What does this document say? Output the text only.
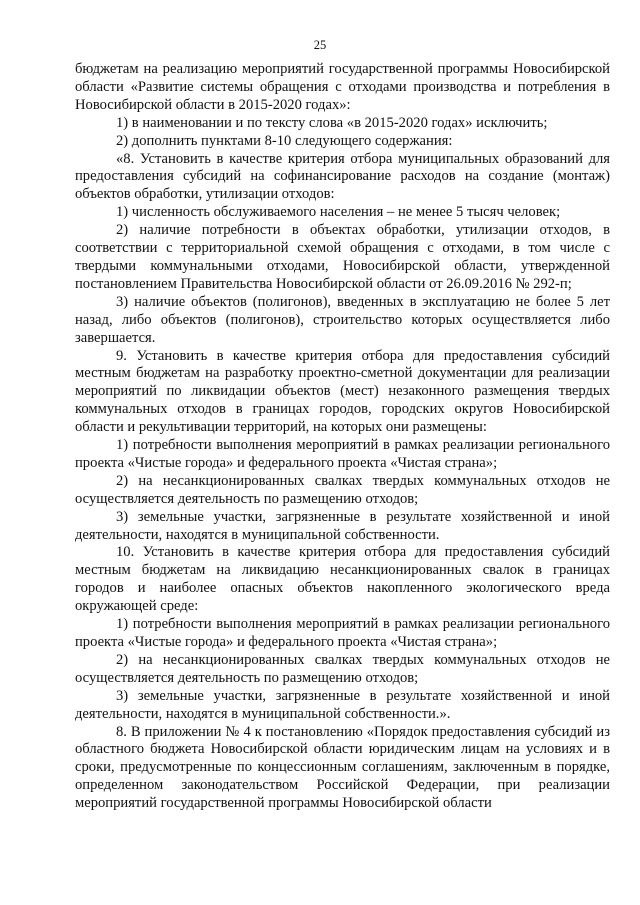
25

бюджетам на реализацию мероприятий государственной программы Новосибирской области «Развитие системы обращения с отходами производства и потребления в Новосибирской области в 2015-2020 годах»:

1) в наименовании и по тексту слова «в 2015-2020 годах» исключить;

2) дополнить пунктами 8-10 следующего содержания:

«8. Установить в качестве критерия отбора муниципальных образований для предоставления субсидий на софинансирование расходов на создание (монтаж) объектов обработки, утилизации отходов:

1) численность обслуживаемого населения – не менее 5 тысяч человек;

2) наличие потребности в объектах обработки, утилизации отходов, в соответствии с территориальной схемой обращения с отходами, в том числе с твердыми коммунальными отходами, Новосибирской области, утвержденной постановлением Правительства Новосибирской области от 26.09.2016 № 292-п;

3) наличие объектов (полигонов), введенных в эксплуатацию не более 5 лет назад, либо объектов (полигонов), строительство которых осуществляется либо завершается.

9. Установить в качестве критерия отбора для предоставления субсидий местным бюджетам на разработку проектно-сметной документации для реализации мероприятий по ликвидации объектов (мест) незаконного размещения твердых коммунальных отходов в границах городов, городских округов Новосибирской области и рекультивации территорий, на которых они размещены:

1) потребности выполнения мероприятий в рамках реализации регионального проекта «Чистые города» и федерального проекта «Чистая страна»;

2) на несанкционированных свалках твердых коммунальных отходов не осуществляется деятельность по размещению отходов;

3) земельные участки, загрязненные в результате хозяйственной и иной деятельности, находятся в муниципальной собственности.

10. Установить в качестве критерия отбора для предоставления субсидий местным бюджетам на ликвидацию несанкционированных свалок в границах городов и наиболее опасных объектов накопленного экологического вреда окружающей среде:

1) потребности выполнения мероприятий в рамках реализации регионального проекта «Чистые города» и федерального проекта «Чистая страна»;

2) на несанкционированных свалках твердых коммунальных отходов не осуществляется деятельность по размещению отходов;

3) земельные участки, загрязненные в результате хозяйственной и иной деятельности, находятся в муниципальной собственности.».

8. В приложении № 4 к постановлению «Порядок предоставления субсидий из областного бюджета Новосибирской области юридическим лицам на условиях и в сроки, предусмотренные по концессионным соглашениям, заключенным в порядке, определенном законодательством Российской Федерации, при реализации мероприятий государственной программы Новосибирской области
